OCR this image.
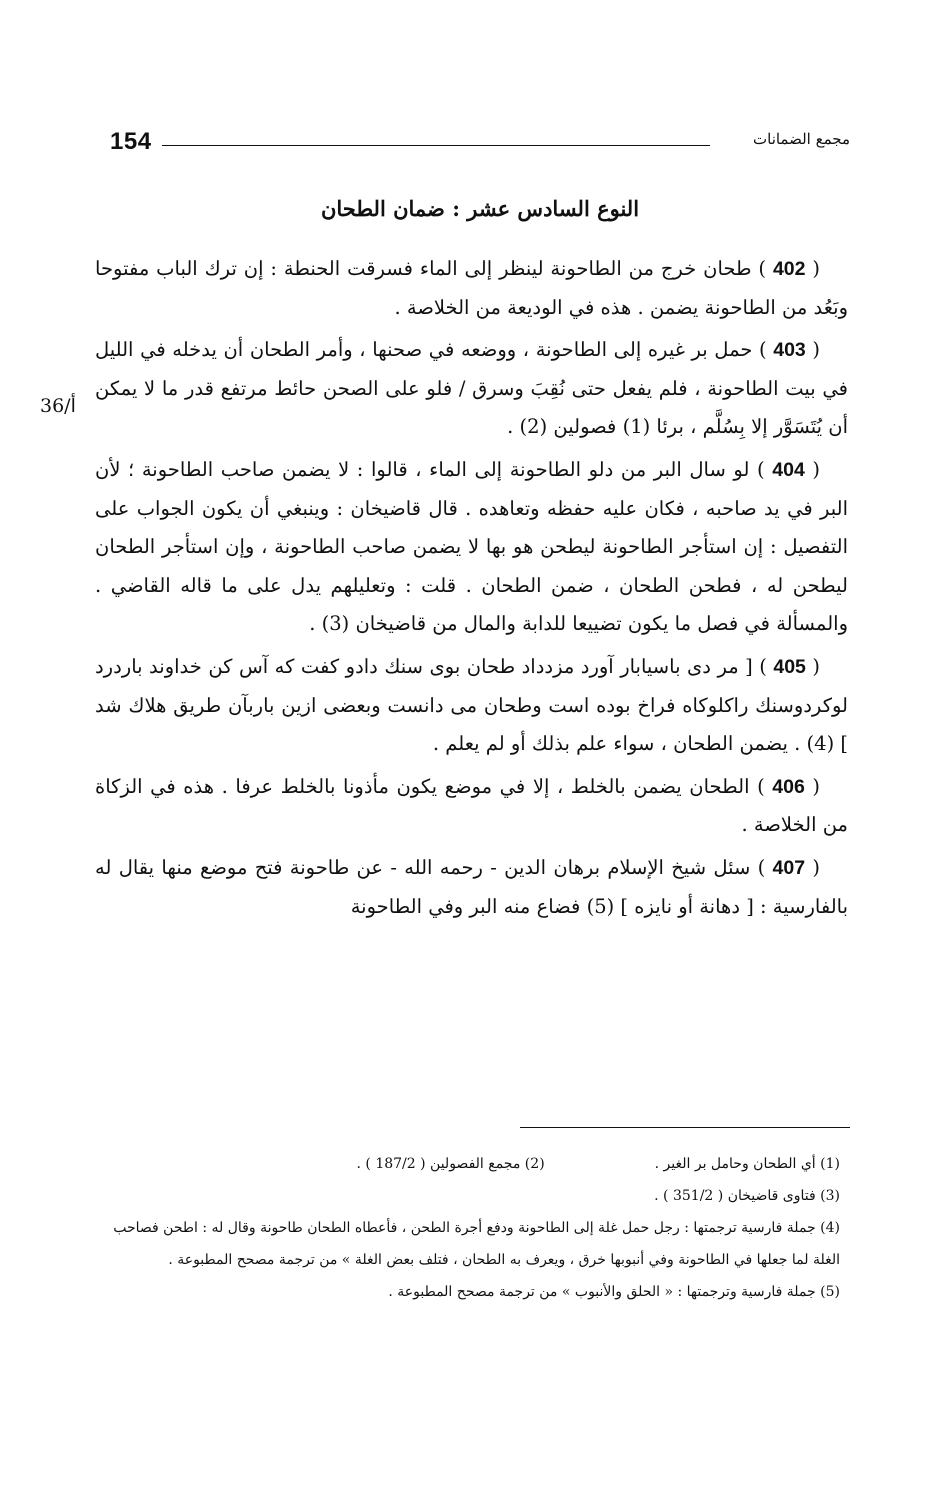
154	مجمع الضمانات
النوع السادس عشر : ضمان الطحان
36/أ

( 402 ) طحان خرج من الطاحونة لينظر إلى الماء فسرقت الحنطة : إن ترك الباب مفتوحا وبَعُد من الطاحونة يضمن . هذه في الوديعة من الخلاصة .

( 403 ) حمل بر غيره إلى الطاحونة ، ووضعه في صحنها ، وأمر الطحان أن يدخله في الليل في بيت الطاحونة ، فلم يفعل حتى نُقِبَ وسرق / فلو على الصحن حائط مرتفع قدر ما لا يمكن أن يُتَسَوَّر إلا بِسُلَّم ، برئا (1) فصولين (2) .

( 404 ) لو سال البر من دلو الطاحونة إلى الماء ، قالوا : لا يضمن صاحب الطاحونة ؛ لأن البر في يد صاحبه ، فكان عليه حفظه وتعاهده . قال قاضيخان : وينبغي أن يكون الجواب على التفصيل : إن استأجر الطاحونة ليطحن هو بها لا يضمن صاحب الطاحونة ، وإن استأجر الطحان ليطحن له ، فطحن الطحان ، ضمن الطحان . قلت : وتعليلهم يدل على ما قاله القاضي . والمسألة في فصل ما يكون تضييعا للدابة والمال من قاضيخان (3) .

( 405 ) [ مر دى باسيابار آورد مزدداد طحان بوى سنك دادو كفت كه آس كن خداوند باردرد لوكردوسنك راكلوكاه فراخ بوده است وطحان مى دانست وبعضى ازين باربآن طريق هلاك شد ] (4) . يضمن الطحان ، سواء علم بذلك أو لم يعلم .

( 406 ) الطحان يضمن بالخلط ، إلا في موضع يكون مأذونا بالخلط عرفا . هذه في الزكاة من الخلاصة .

( 407 ) سئل شيخ الإسلام برهان الدين - رحمه الله - عن طاحونة فتح موضع منها يقال له بالفارسية : [ دهانة أو نايزه ] (5) فضاع منه البر وفي الطاحونة

(1) أي الطحان وحامل بر الغير .
(2) مجمع الفصولين ( 187/2 ) .
(3) فتاوى قاضيخان ( 351/2 ) .
(4) جملة فارسية ترجمتها : رجل حمل غلة إلى الطاحونة ودفع أجرة الطحن ، فأعطاه الطحان طاحونة وقال له : اطحن فصاحب الغلة لما جعلها في الطاحونة وفي أنبوبها خرق ، ويعرف به الطحان ، فتلف بعض الغلة » من ترجمة مصحح المطبوعة .
(5) جملة فارسية وترجمتها : « الحلق والأنبوب » من ترجمة مصحح المطبوعة .
